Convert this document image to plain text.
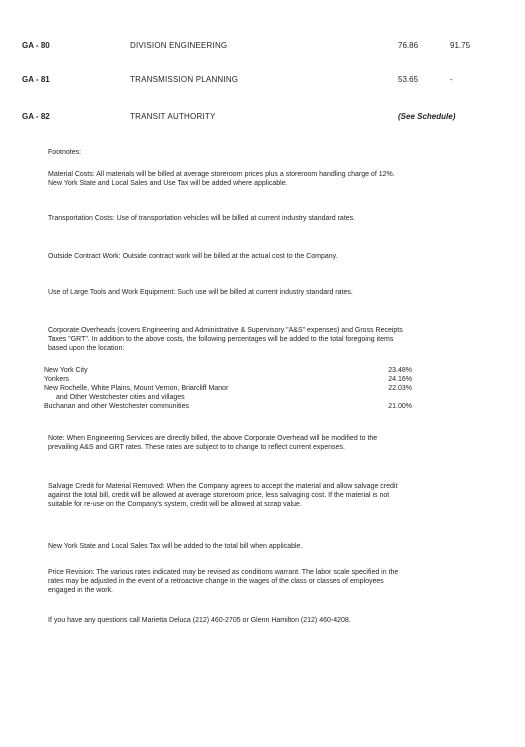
GA - 80	DIVISION ENGINEERING	76.86	91.75
GA - 81	TRANSMISSION PLANNING	53.65	-
GA - 82	TRANSIT AUTHORITY	(See Schedule)

Footnotes:

Material Costs: All materials will be billed at average storeroom prices plus a storeroom handling charge of 12%. New York State and Local Sales and Use Tax will be added where applicable.

Transportation Costs: Use of transportation vehicles will be billed at current industry standard rates.

Outside Contract Work: Outside contract work will be billed at the actual cost to the Company.

Use of Large Tools and Work Equipment: Such use will be billed at current industry standard rates.

Corporate Overheads (covers Engineering and Administrative & Supervisory "A&S" expenses) and Gross Receipts Taxes "GRT". In addition to the above costs, the following percentages will be added to the total foregoing items based upon the location:

New York City	23.48%
Yonkers	24.16%
New Rochelle, White Plains, Mount Vernon, Briarcliff Manor	22.03%
and Other Westchester cities and villages
Buchanan and other Westchester communities	21.00%

Note: When Engineering Services are directly billed, the above Corporate Overhead will be modified to the prevailing A&S and GRT rates. These rates are subject to to change to reflect current expenses.

Salvage Credit for Material Removed: When the Company agrees to accept the material and allow salvage credit against the total bill, credit will be allowed at average storeroom price, less salvaging cost. If the material is not suitable for re-use on the Company's system, credit will be allowed at scrap value.

New York State and Local Sales Tax will be added to the total bill when applicable.

Price Revision: The various rates indicated may be revised as conditions warrant. The labor scale specified in the rates may be adjusted in the event of a retroactive change in the wages of the class or classes of employees engaged in the work.

If you have any questions call Marietta Deluca (212) 460-2705 or Glenn Hamilton (212) 460-4208.
